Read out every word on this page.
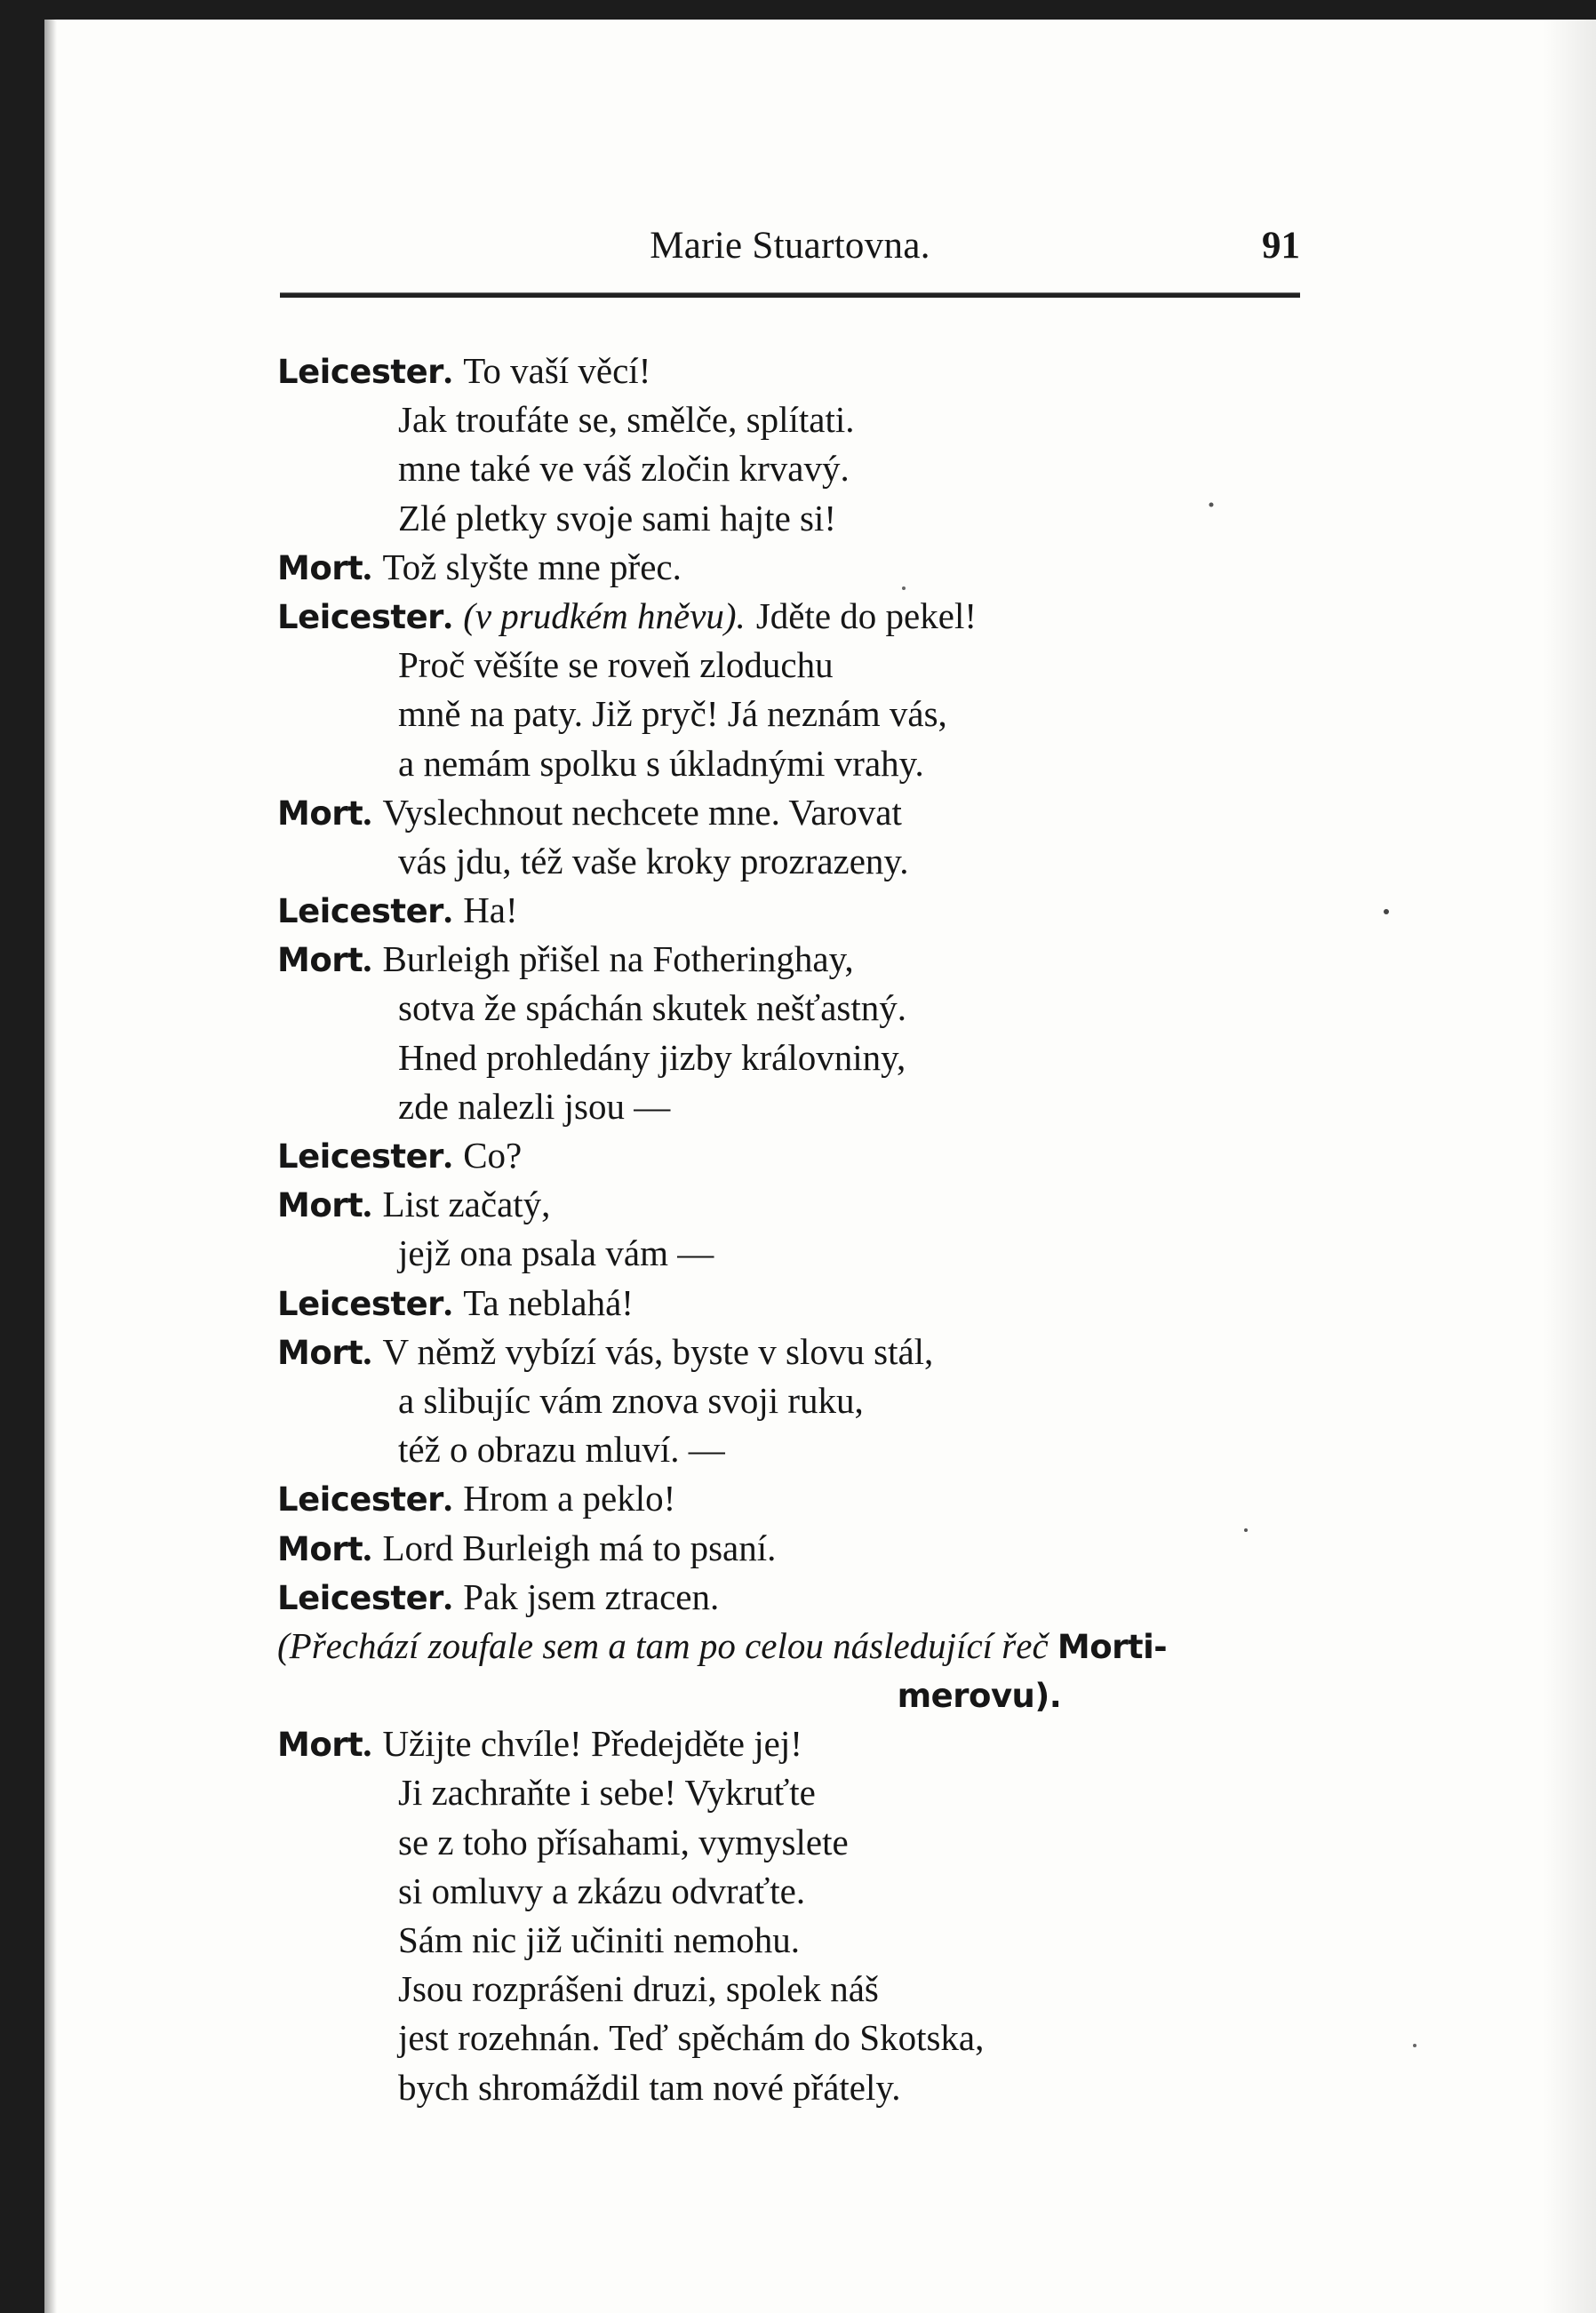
Marie Stuartovna.	91
Leicester. To vaší věcí!
Jak troufáte se, smělče, splítati.
mne také ve váš zločin krvavý.
Zlé pletky svoje sami hajte si!
Mort. Tož slyšte mne přec.
Leicester. (v prudkém hněvu). Jděte do pekel!
Proč věšíte se roveň zloduchu
mně na paty. Již pryč! Já neznám vás,
a nemám spolku s úkladnými vrahy.
Mort. Vyslechnout nechcete mne. Varovat
vás jdu, též vaše kroky prozrazeny.
Leicester. Ha!
Mort. Burleigh přišel na Fotheringhay,
sotva že spáchán skutek nešťastný.
Hned prohledány jizby královniny,
zde nalezli jsou —
Leicester. Co?
Mort. List začatý,
jejž ona psala vám —
Leicester. Ta neblahá!
Mort. V němž vybízí vás, byste v slovu stál,
a slibujíc vám znova svoji ruku,
též o obrazu mluví. —
Leicester. Hrom a peklo!
Mort. Lord Burleigh má to psaní.
Leicester. Pak jsem ztracen.
(Přechází zoufale sem a tam po celou následující řeč Morti-
merovu).
Mort. Užijte chvíle! Předejděte jej!
Ji zachraňte i sebe! Vykruťte
se z toho přísahami, vymyslete
si omluvy a zkázu odvraťte.
Sám nic již učiniti nemohu.
Jsou rozprášeni druzi, spolek náš
jest rozehnán. Teď spěchám do Skotska,
bych shromáždil tam nové přátely.
